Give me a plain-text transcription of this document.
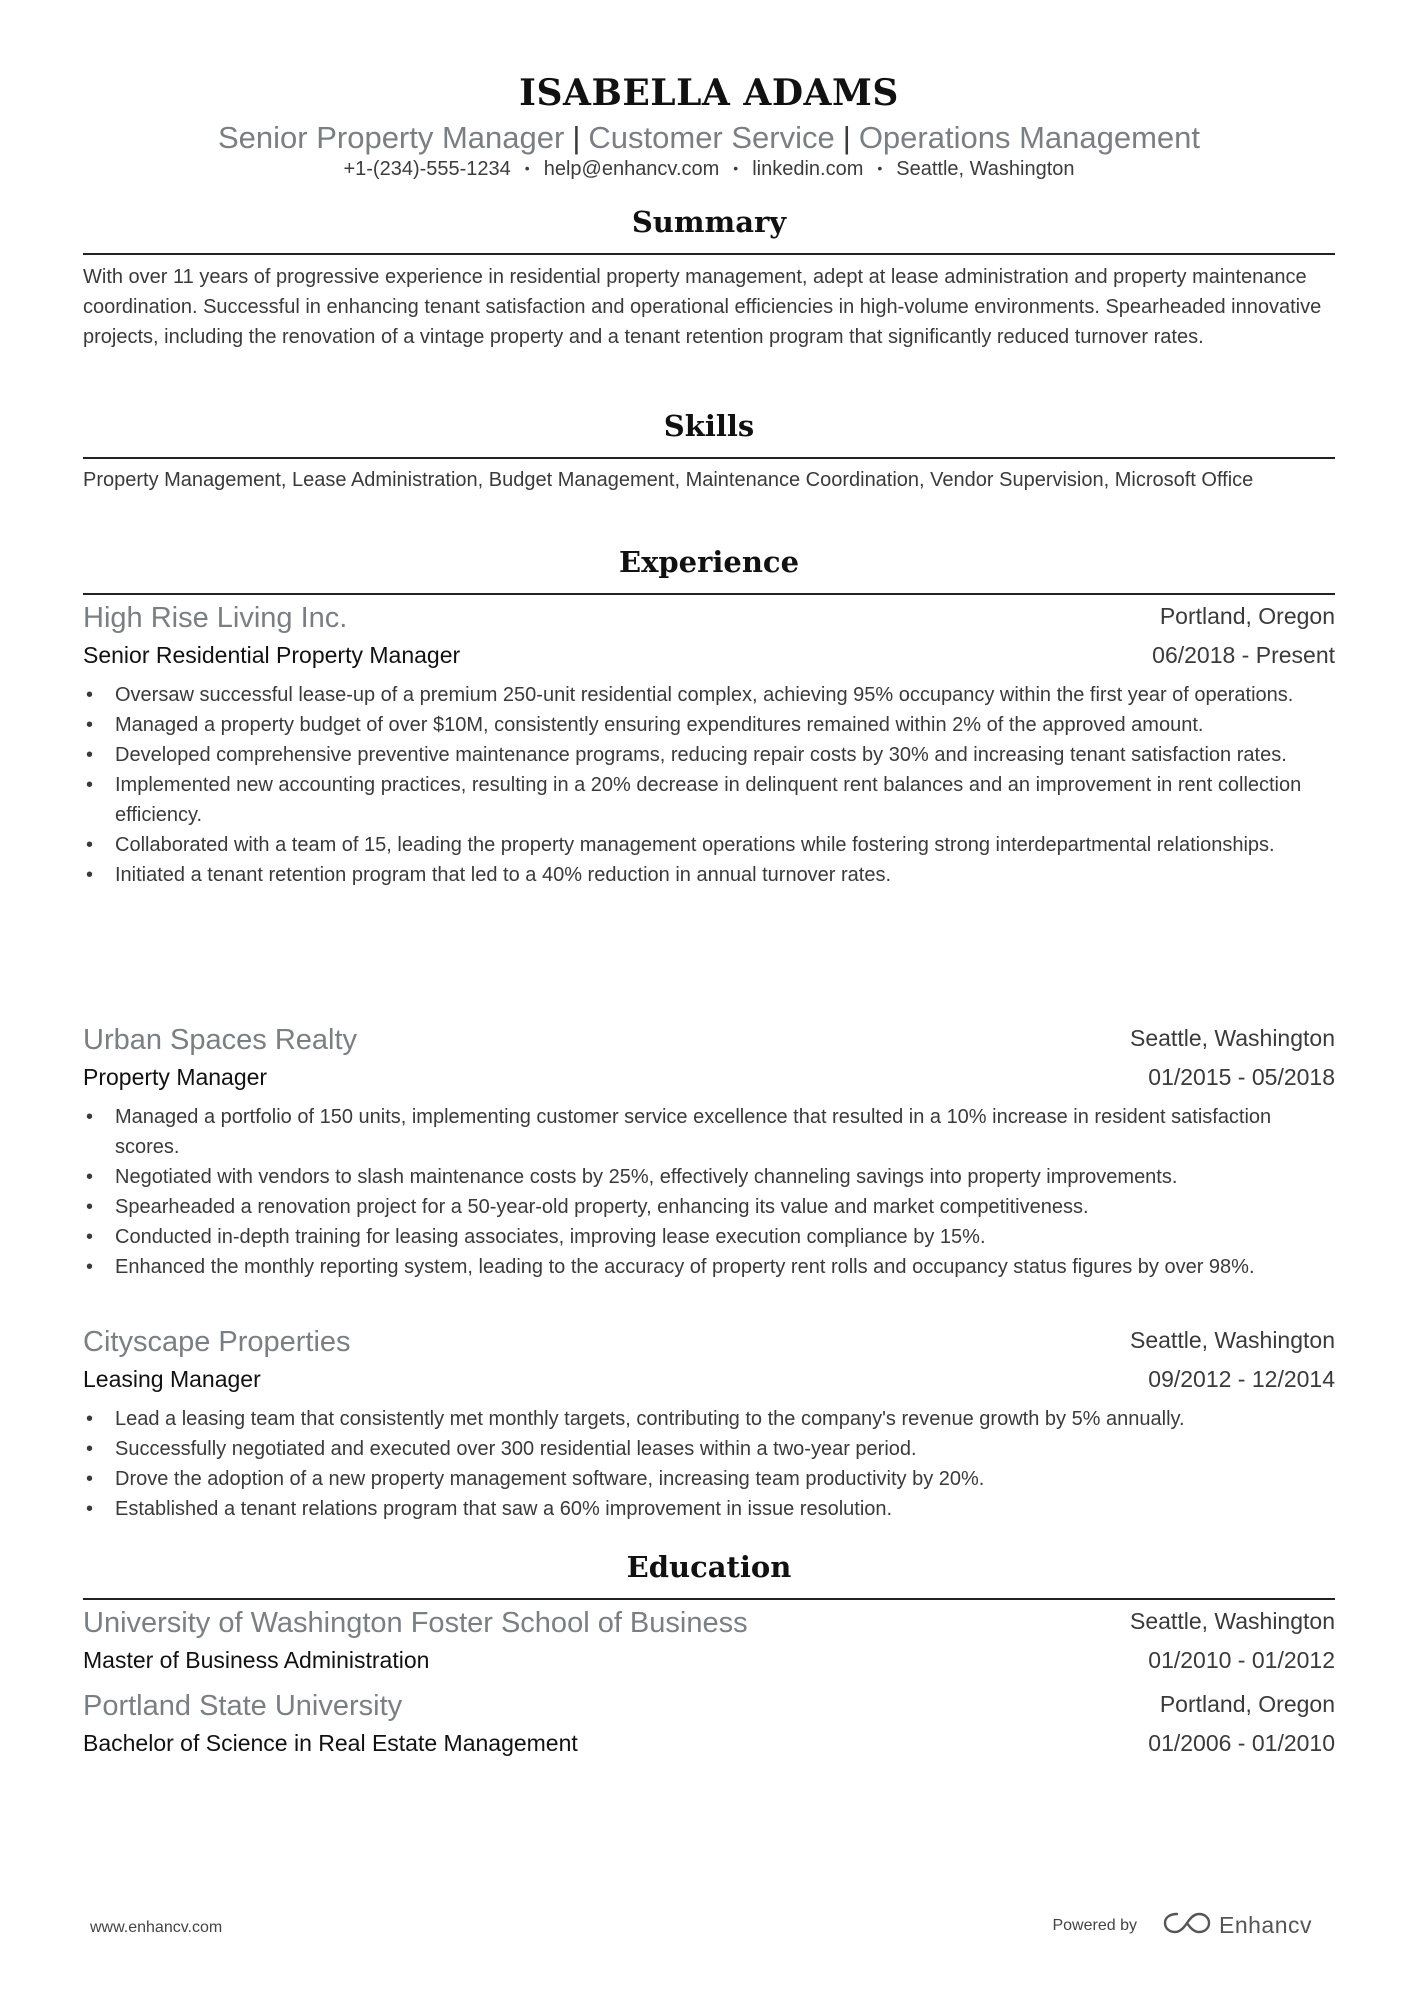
ISABELLA ADAMS
Senior Property Manager | Customer Service | Operations Management
+1-(234)-555-1234 • help@enhancv.com • linkedin.com • Seattle, Washington
Summary
With over 11 years of progressive experience in residential property management, adept at lease administration and property maintenance coordination. Successful in enhancing tenant satisfaction and operational efficiencies in high-volume environments. Spearheaded innovative projects, including the renovation of a vintage property and a tenant retention program that significantly reduced turnover rates.
Skills
Property Management, Lease Administration, Budget Management, Maintenance Coordination, Vendor Supervision, Microsoft Office
Experience
High Rise Living Inc.	Portland, Oregon
Senior Residential Property Manager	06/2018 - Present
• Oversaw successful lease-up of a premium 250-unit residential complex, achieving 95% occupancy within the first year of operations.
• Managed a property budget of over $10M, consistently ensuring expenditures remained within 2% of the approved amount.
• Developed comprehensive preventive maintenance programs, reducing repair costs by 30% and increasing tenant satisfaction rates.
• Implemented new accounting practices, resulting in a 20% decrease in delinquent rent balances and an improvement in rent collection efficiency.
• Collaborated with a team of 15, leading the property management operations while fostering strong interdepartmental relationships.
• Initiated a tenant retention program that led to a 40% reduction in annual turnover rates.
Urban Spaces Realty	Seattle, Washington
Property Manager	01/2015 - 05/2018
• Managed a portfolio of 150 units, implementing customer service excellence that resulted in a 10% increase in resident satisfaction scores.
• Negotiated with vendors to slash maintenance costs by 25%, effectively channeling savings into property improvements.
• Spearheaded a renovation project for a 50-year-old property, enhancing its value and market competitiveness.
• Conducted in-depth training for leasing associates, improving lease execution compliance by 15%.
• Enhanced the monthly reporting system, leading to the accuracy of property rent rolls and occupancy status figures by over 98%.
Cityscape Properties	Seattle, Washington
Leasing Manager	09/2012 - 12/2014
• Lead a leasing team that consistently met monthly targets, contributing to the company's revenue growth by 5% annually.
• Successfully negotiated and executed over 300 residential leases within a two-year period.
• Drove the adoption of a new property management software, increasing team productivity by 20%.
• Established a tenant relations program that saw a 60% improvement in issue resolution.
Education
University of Washington Foster School of Business	Seattle, Washington
Master of Business Administration	01/2010 - 01/2012
Portland State University	Portland, Oregon
Bachelor of Science in Real Estate Management	01/2006 - 01/2010
www.enhancv.com	Powered by	Enhancv
